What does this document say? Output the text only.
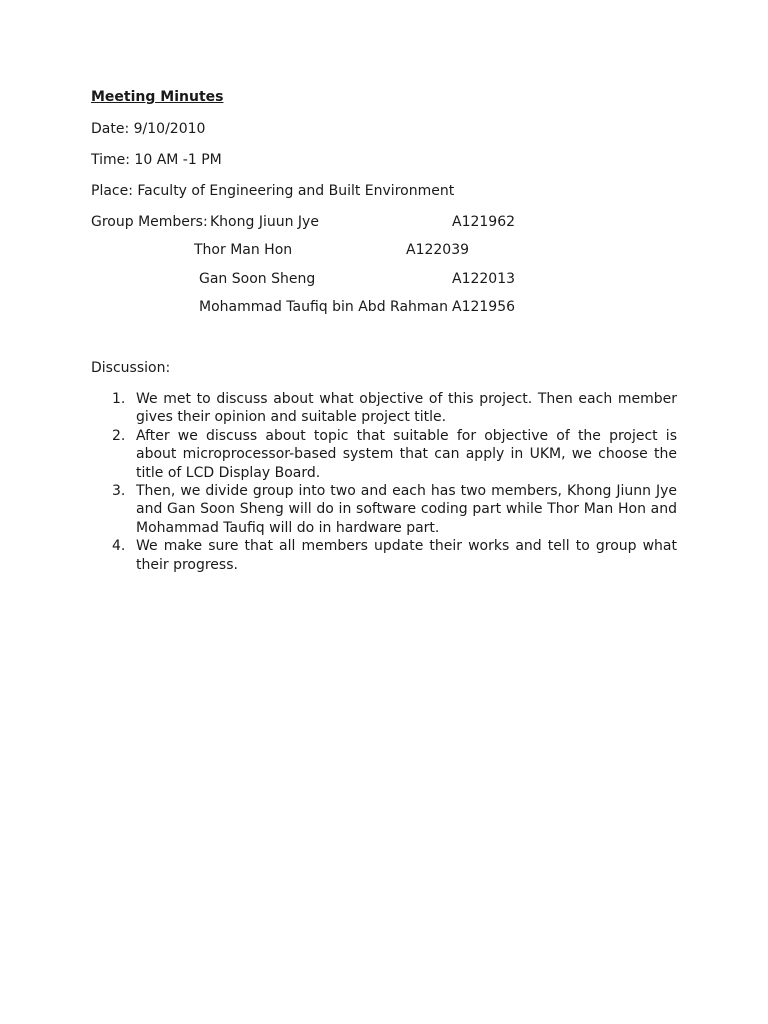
Meeting Minutes
Date: 9/10/2010
Time: 10 AM -1 PM
Place: Faculty of Engineering and Built Environment
Group Members: Khong Jiuun Jye	A121962
Thor Man Hon	A122039
Gan Soon Sheng	A122013
Mohammad Taufiq bin Abd Rahman A121956
Discussion:
1. We met to discuss about what objective of this project. Then each member gives their opinion and suitable project title.
2. After we discuss about topic that suitable for objective of the project is about microprocessor-based system that can apply in UKM, we choose the title of LCD Display Board.
3. Then, we divide group into two and each has two members, Khong Jiunn Jye and Gan Soon Sheng will do in software coding part while Thor Man Hon and Mohammad Taufiq will do in hardware part.
4. We make sure that all members update their works and tell to group what their progress.
